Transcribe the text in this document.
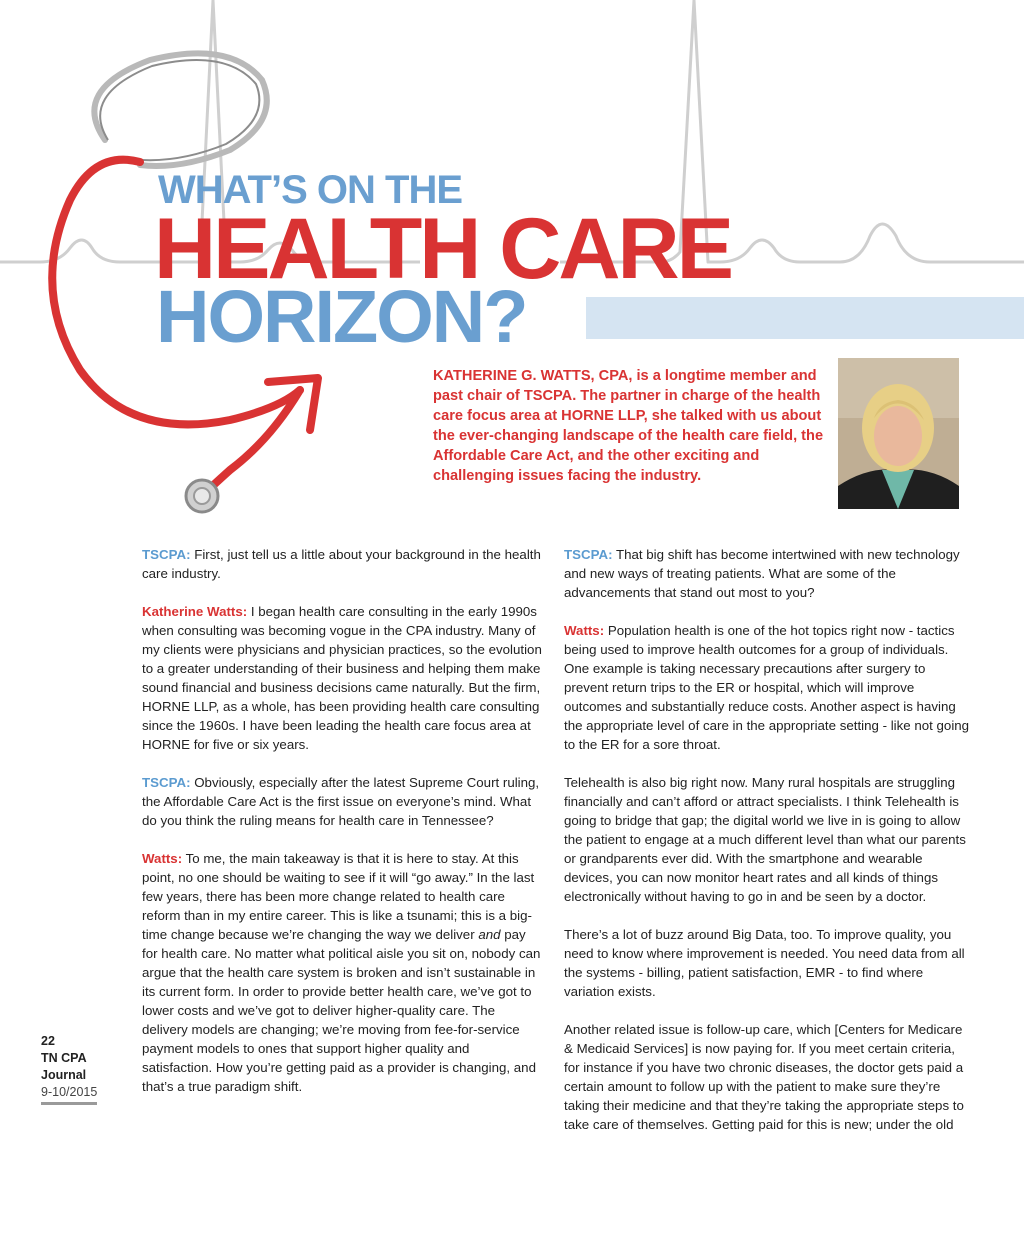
WHAT’S ON THE
HEALTH CARE
HORIZON?

KATHERINE G. WATTS, CPA, is a longtime member and past chair of TSCPA. The partner in charge of the health care focus area at HORNE LLP, she talked with us about the ever-changing landscape of the health care field, the Affordable Care Act, and the other exciting and challenging issues facing the industry.

TSCPA: First, just tell us a little about your background in the health care industry.

Katherine Watts: I began health care consulting in the early 1990s when consulting was becoming vogue in the CPA industry. Many of my clients were physicians and physician practices, so the evolution to a greater understanding of their business and helping them make sound financial and business decisions came naturally. But the firm, HORNE LLP, as a whole, has been providing health care consulting since the 1960s. I have been leading the health care focus area at HORNE for five or six years.

TSCPA: Obviously, especially after the latest Supreme Court ruling, the Affordable Care Act is the first issue on everyone’s mind. What do you think the ruling means for health care in Tennessee?

Watts: To me, the main takeaway is that it is here to stay. At this point, no one should be waiting to see if it will “go away.” In the last few years, there has been more change related to health care reform than in my entire career. This is like a tsunami; this is a big-time change because we’re changing the way we deliver and pay for health care. No matter what political aisle you sit on, nobody can argue that the health care system is broken and isn’t sustainable in its current form. In order to provide better health care, we’ve got to lower costs and we’ve got to deliver higher-quality care. The delivery models are changing; we’re moving from fee-for-service payment models to ones that support higher quality and satisfaction. How you’re getting paid as a provider is changing, and that’s a true paradigm shift.

TSCPA: That big shift has become intertwined with new technology and new ways of treating patients. What are some of the advancements that stand out most to you?

Watts: Population health is one of the hot topics right now - tactics being used to improve health outcomes for a group of individuals. One example is taking necessary precautions after surgery to prevent return trips to the ER or hospital, which will improve outcomes and substantially reduce costs. Another aspect is having the appropriate level of care in the appropriate setting - like not going to the ER for a sore throat.

Telehealth is also big right now. Many rural hospitals are struggling financially and can’t afford or attract specialists. I think Telehealth is going to bridge that gap; the digital world we live in is going to allow the patient to engage at a much different level than what our parents or grandparents ever did. With the smartphone and wearable devices, you can now monitor heart rates and all kinds of things electronically without having to go in and be seen by a doctor.

There’s a lot of buzz around Big Data, too. To improve quality, you need to know where improvement is needed. You need data from all the systems - billing, patient satisfaction, EMR - to find where variation exists.

Another related issue is follow-up care, which [Centers for Medicare & Medicaid Services] is now paying for. If you meet certain criteria, for instance if you have two chronic diseases, the doctor gets paid a certain amount to follow up with the patient to make sure they’re taking their medicine and that they’re taking the appropriate steps to take care of themselves. Getting paid for this is new; under the old

22
TN CPA
Journal
9-10/2015
